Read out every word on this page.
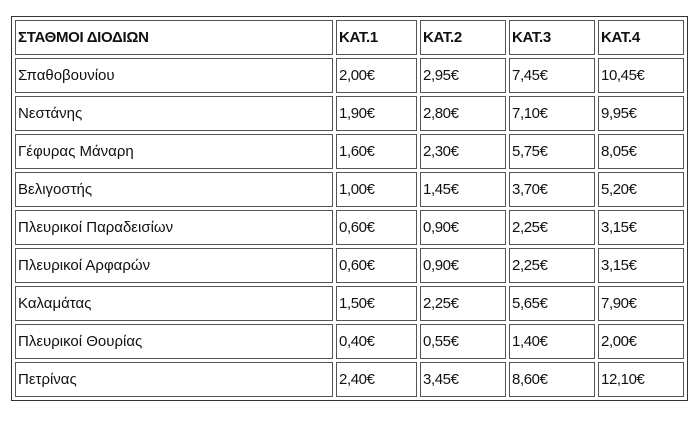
ΣΤΑΘΜΟΙ ΔΙΟΔΙΩΝ	ΚΑΤ.1	ΚΑΤ.2	ΚΑΤ.3	ΚΑΤ.4
Σπαθοβουνίου	2,00€	2,95€	7,45€	10,45€
Νεστάνης	1,90€	2,80€	7,10€	9,95€
Γέφυρας Μάναρη	1,60€	2,30€	5,75€	8,05€
Βελιγοστής	1,00€	1,45€	3,70€	5,20€
Πλευρικοί Παραδεισίων	0,60€	0,90€	2,25€	3,15€
Πλευρικοί Αρφαρών	0,60€	0,90€	2,25€	3,15€
Καλαμάτας	1,50€	2,25€	5,65€	7,90€
Πλευρικοί Θουρίας	0,40€	0,55€	1,40€	2,00€
Πετρίνας	2,40€	3,45€	8,60€	12,10€
